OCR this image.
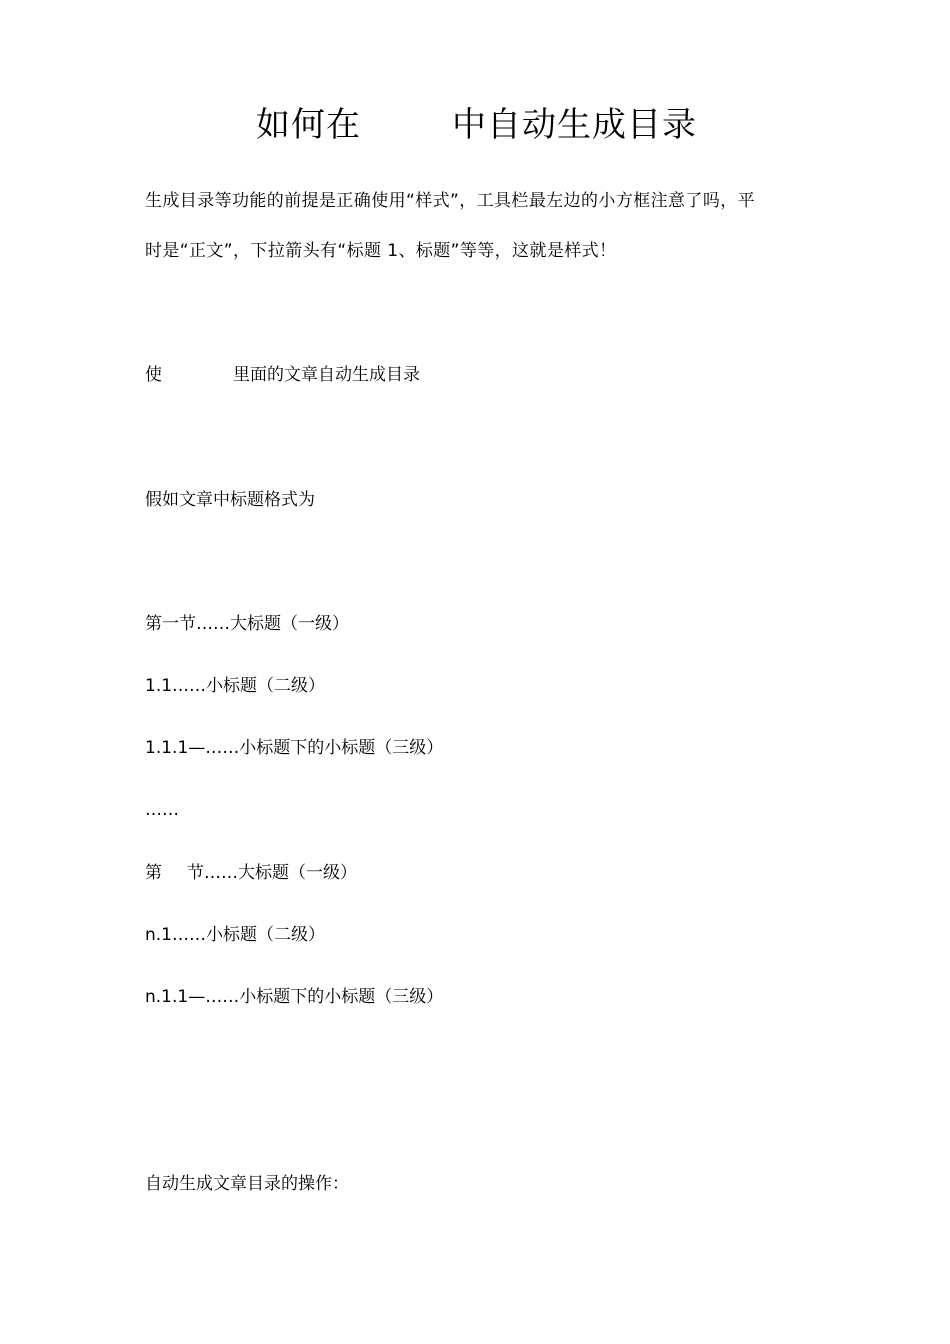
如何在	中自动生成目录
生成目录等功能的前提是正确使用“样式”，工具栏最左边的小方框注意了吗，平
时是“正文”，下拉箭头有“标题 1、标题”等等，这就是样式！
使	里面的文章自动生成目录
假如文章中标题格式为
第一节……大标题（一级）
1.1……小标题（二级）
1.1.1—……小标题下的小标题（三级）
……
第 节……大标题（一级）
n.1……小标题（二级）
n.1.1—……小标题下的小标题（三级）
自动生成文章目录的操作：
